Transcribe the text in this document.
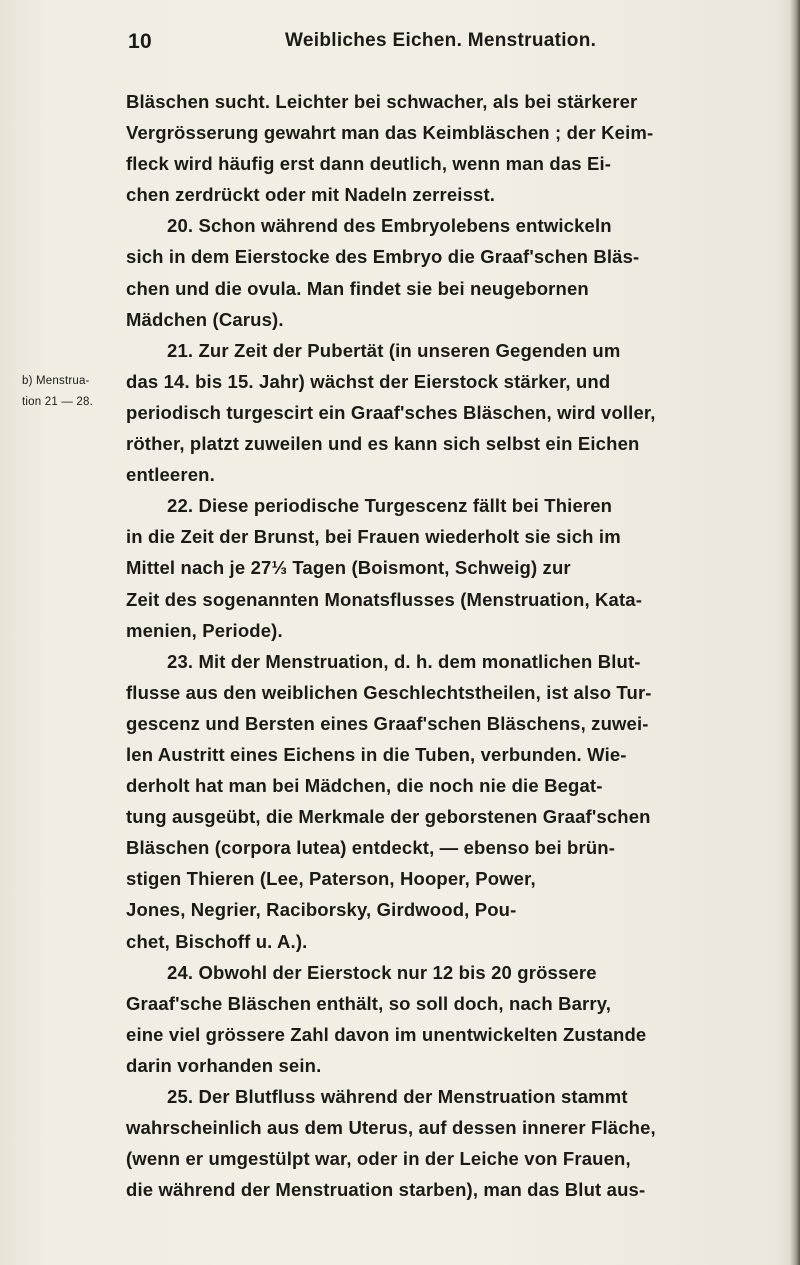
10	Weibliches Eichen. Menstruation.
b) Menstrua-
tion 21 — 28.
Bläschen sucht. Leichter bei schwacher, als bei stärkerer
Vergrösserung gewahrt man das Keimbläschen ; der Keim-
fleck wird häufig erst dann deutlich, wenn man das Ei-
chen zerdrückt oder mit Nadeln zerreisst.
20. Schon während des Embryolebens entwickeln
sich in dem Eierstocke des Embryo die Graaf'schen Bläs-
chen und die ovula. Man findet sie bei neugebornen
Mädchen (Carus).
21. Zur Zeit der Pubertät (in unseren Gegenden um
das 14. bis 15. Jahr) wächst der Eierstock stärker, und
periodisch turgescirt ein Graaf'sches Bläschen, wird voller,
röther, platzt zuweilen und es kann sich selbst ein Eichen
entleeren.
22. Diese periodische Turgescenz fällt bei Thieren
in die Zeit der Brunst, bei Frauen wiederholt sie sich im
Mittel nach je 27⅓ Tagen (Boismont, Schweig) zur
Zeit des sogenannten Monatsflusses (Menstruation, Kata-
menien, Periode).
23. Mit der Menstruation, d. h. dem monatlichen Blut-
flusse aus den weiblichen Geschlechtstheilen, ist also Tur-
gescenz und Bersten eines Graaf'schen Bläschens, zuwei-
len Austritt eines Eichens in die Tuben, verbunden. Wie-
derholt hat man bei Mädchen, die noch nie die Begat-
tung ausgeübt, die Merkmale der geborstenen Graaf'schen
Bläschen (corpora lutea) entdeckt, — ebenso bei brün-
stigen Thieren (Lee, Paterson, Hooper, Power,
Jones, Negrier, Raciborsky, Girdwood, Pou-
chet, Bischoff u. A.).
24. Obwohl der Eierstock nur 12 bis 20 grössere
Graaf'sche Bläschen enthält, so soll doch, nach Barry,
eine viel grössere Zahl davon im unentwickelten Zustande
darin vorhanden sein.
25. Der Blutfluss während der Menstruation stammt
wahrscheinlich aus dem Uterus, auf dessen innerer Fläche,
(wenn er umgestülpt war, oder in der Leiche von Frauen,
die während der Menstruation starben), man das Blut aus-
